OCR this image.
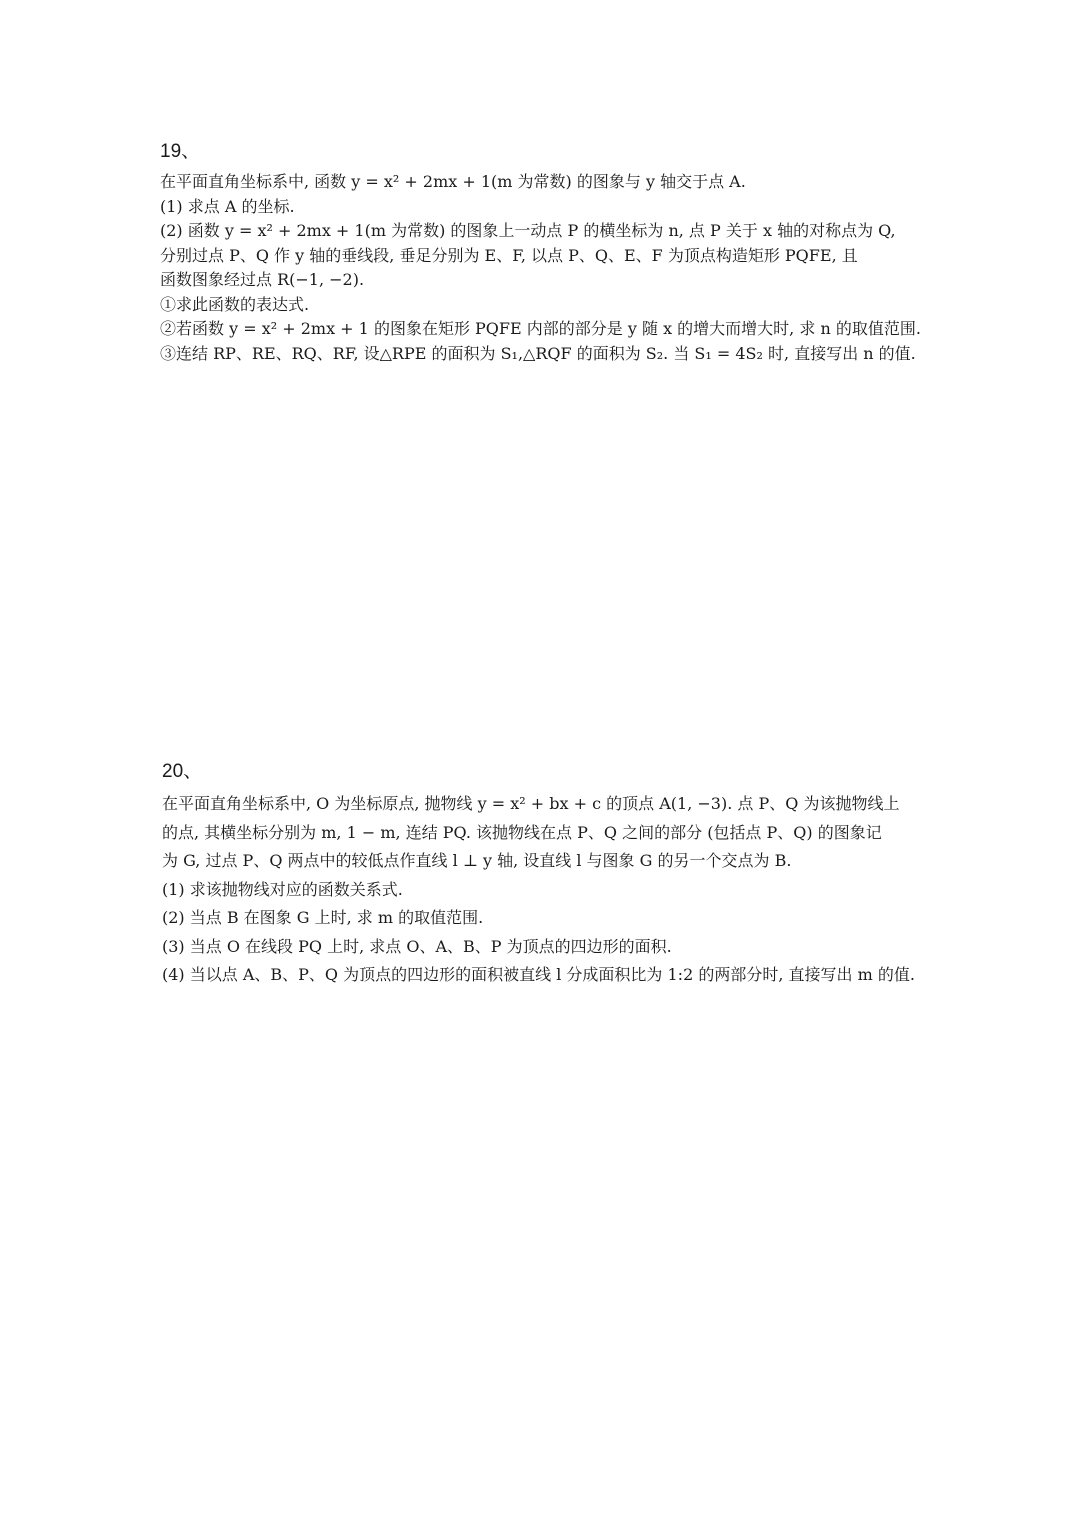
19、

在平面直角坐标系中, 函数 y = x² + 2mx + 1(m 为常数) 的图象与 y 轴交于点 A.

(1) 求点 A 的坐标.

(2) 函数 y = x² + 2mx + 1(m 为常数) 的图象上一动点 P 的横坐标为 n, 点 P 关于 x 轴的对称点为 Q,

分别过点 P、Q 作 y 轴的垂线段, 垂足分别为 E、F, 以点 P、Q、E、F 为顶点构造矩形 PQFE, 且

函数图象经过点 R(−1, −2).

①求此函数的表达式.

②若函数 y = x² + 2mx + 1 的图象在矩形 PQFE 内部的部分是 y 随 x 的增大而增大时, 求 n 的取值范围.

③连结 RP、RE、RQ、RF, 设△RPE 的面积为 S₁,△RQF 的面积为 S₂. 当 S₁ = 4S₂ 时, 直接写出 n 的值.

20、

在平面直角坐标系中, O 为坐标原点, 抛物线 y = x² + bx + c 的顶点 A(1, −3). 点 P、Q 为该抛物线上

的点, 其横坐标分别为 m, 1 − m, 连结 PQ. 该抛物线在点 P、Q 之间的部分 (包括点 P、Q) 的图象记

为 G, 过点 P、Q 两点中的较低点作直线 l ⊥ y 轴, 设直线 l 与图象 G 的另一个交点为 B.

(1) 求该抛物线对应的函数关系式.

(2) 当点 B 在图象 G 上时, 求 m 的取值范围.

(3) 当点 O 在线段 PQ 上时, 求点 O、A、B、P 为顶点的四边形的面积.

(4) 当以点 A、B、P、Q 为顶点的四边形的面积被直线 l 分成面积比为 1:2 的两部分时, 直接写出 m 的值.
